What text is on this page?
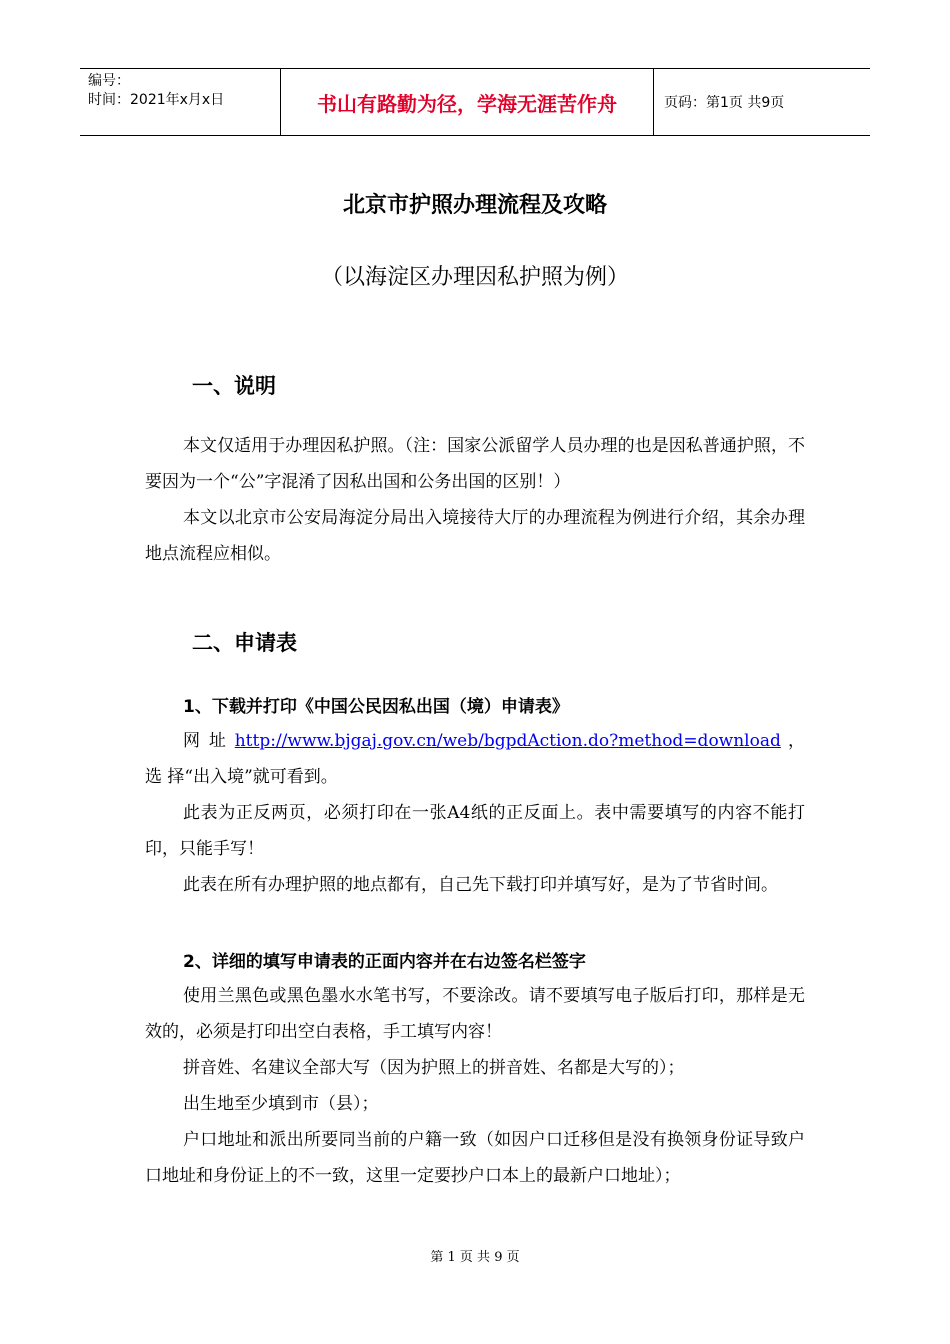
编号：
时间：2021年x月x日	书山有路勤为径，学海无涯苦作舟	页码：第1页 共9页
北京市护照办理流程及攻略

（以海淀区办理因私护照为例）

一、说明

本文仅适用于办理因私护照。（注：国家公派留学人员办理的也是因私普通护照，不要因为一个“公”字混淆了因私出国和公务出国的区别！）

本文以北京市公安局海淀分局出入境接待大厅的办理流程为例进行介绍，其余办理地点流程应相似。

二、申请表
1、下载并打印《中国公民因私出国（境）申请表》

网 址 http://www.bjgaj.gov.cn/web/bgpdAction.do?method=download ， 选 择“出入境”就可看到。

此表为正反两页，必须打印在一张A4纸的正反面上。表中需要填写的内容不能打印，只能手写！

此表在所有办理护照的地点都有，自己先下载打印并填写好，是为了节省时间。

2、详细的填写申请表的正面内容并在右边签名栏签字

使用兰黑色或黑色墨水水笔书写，不要涂改。请不要填写电子版后打印，那样是无效的，必须是打印出空白表格，手工填写内容！

拼音姓、名建议全部大写（因为护照上的拼音姓、名都是大写的）；

出生地至少填到市（县）；

户口地址和派出所要同当前的户籍一致（如因户口迁移但是没有换领身份证导致户口地址和身份证上的不一致，这里一定要抄户口本上的最新户口地址）；

第 1 页 共 9 页
